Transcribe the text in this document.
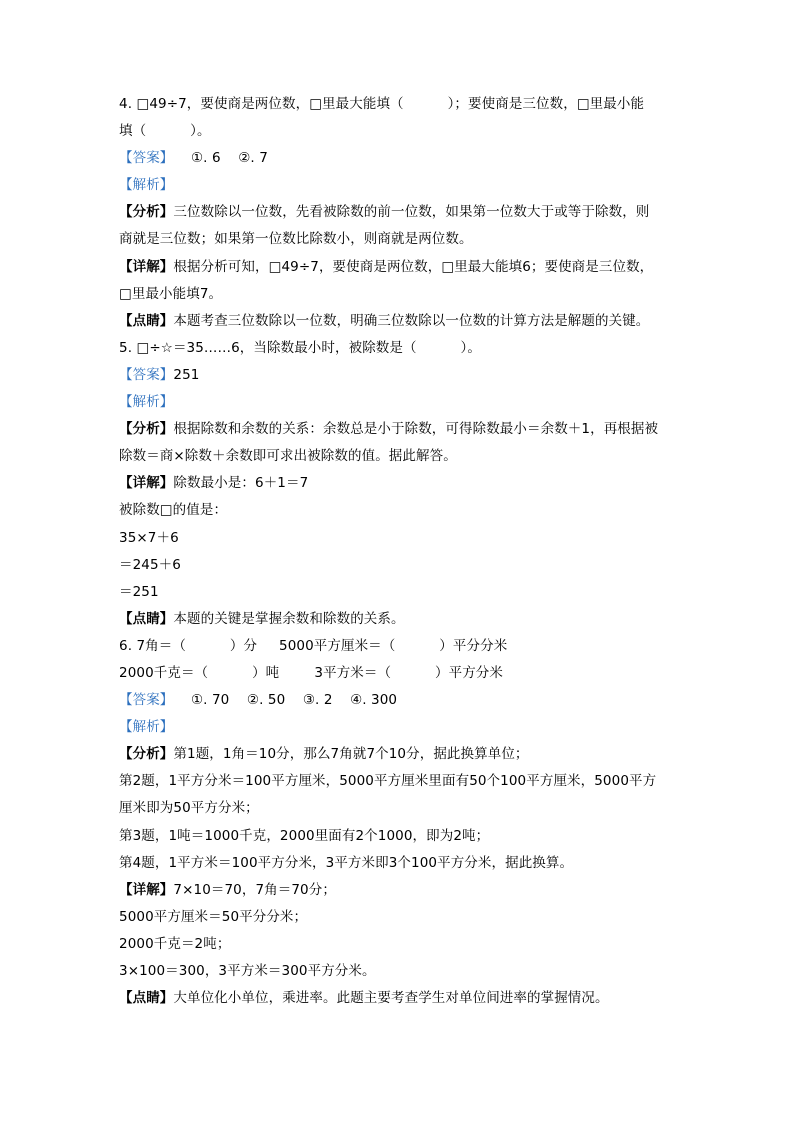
4. □49÷7，要使商是两位数，□里最大能填（          ）；要使商是三位数，□里最小能
填（          ）。
【答案】    ①. 6    ②. 7
【解析】
【分析】三位数除以一位数，先看被除数的前一位数，如果第一位数大于或等于除数，则
商就是三位数；如果第一位数比除数小，则商就是两位数。
【详解】根据分析可知，□49÷7，要使商是两位数，□里最大能填6；要使商是三位数，
□里最小能填7。
【点睛】本题考查三位数除以一位数，明确三位数除以一位数的计算方法是解题的关键。
5. □÷☆＝35……6，当除数最小时，被除数是（          ）。
【答案】251
【解析】
【分析】根据除数和余数的关系：余数总是小于除数，可得除数最小＝余数＋1，再根据被
除数＝商×除数＋余数即可求出被除数的值。据此解答。
【详解】除数最小是：6＋1＝7
被除数□的值是：
35×7＋6
＝245＋6
＝251
【点睛】本题的关键是掌握余数和除数的关系。
6. 7角＝（          ）分     5000平方厘米＝（          ）平分分米
2000千克＝（          ）吨        3平方米＝（          ）平方分米
【答案】    ①. 70    ②. 50    ③. 2    ④. 300
【解析】
【分析】第1题，1角＝10分，那么7角就7个10分，据此换算单位；
第2题，1平方分米＝100平方厘米，5000平方厘米里面有50个100平方厘米，5000平方
厘米即为50平方分米；
第3题，1吨＝1000千克，2000里面有2个1000，即为2吨；
第4题，1平方米＝100平方分米，3平方米即3个100平方分米，据此换算。
【详解】7×10＝70，7角＝70分；
5000平方厘米＝50平分分米；
2000千克＝2吨；
3×100＝300，3平方米＝300平方分米。
【点睛】大单位化小单位，乘进率。此题主要考查学生对单位间进率的掌握情况。
